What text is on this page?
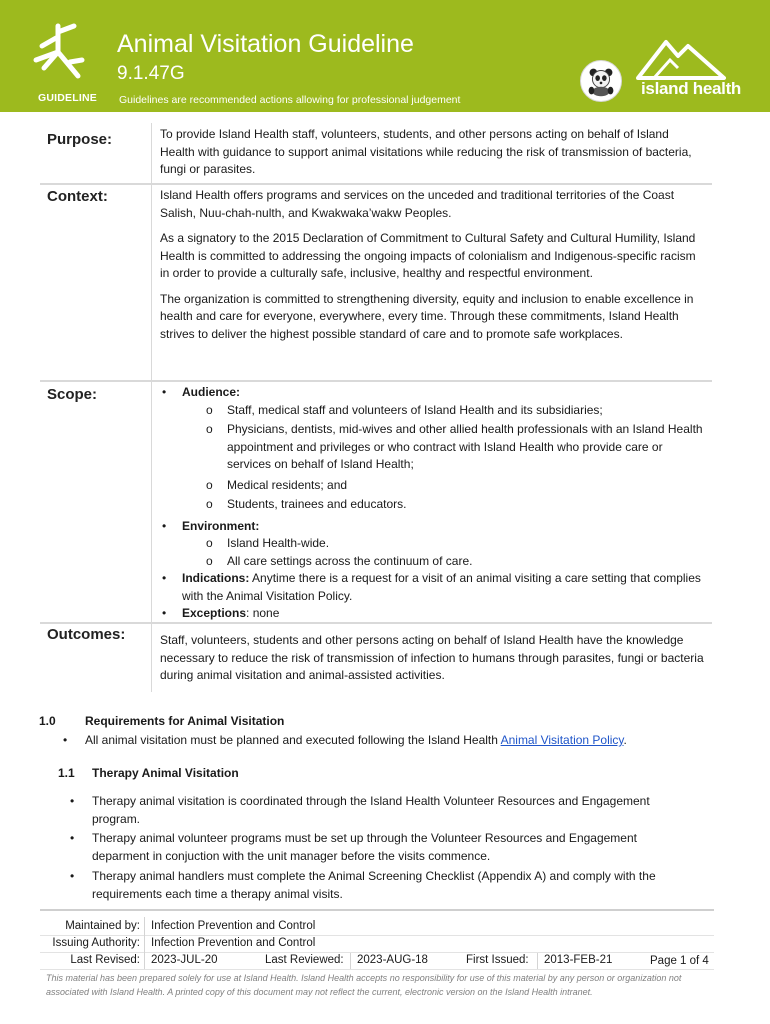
GUIDELINE
Animal Visitation Guideline
9.1.47G
Guidelines are recommended actions allowing for professional judgement
island health
Purpose:	To provide Island Health staff, volunteers, students, and other persons acting on behalf of Island Health with guidance to support animal visitations while reducing the risk of transmission of bacteria, fungi or parasites.

Context:	Island Health offers programs and services on the unceded and traditional territories of the Coast Salish, Nuu-chah-nulth, and Kwakwaka’wakw Peoples.

As a signatory to the 2015 Declaration of Commitment to Cultural Safety and Cultural Humility, Island Health is committed to addressing the ongoing impacts of colonialism and Indigenous-specific racism in order to provide a culturally safe, inclusive, healthy and respectful environment.

The organization is committed to strengthening diversity, equity and inclusion to enable excellence in health and care for everyone, everywhere, every time. Through these commitments, Island Health strives to deliver the highest possible standard of care and to promote safe workplaces.

Scope:	• Audience:
o Staff, medical staff and volunteers of Island Health and its subsidiaries;
o Physicians, dentists, mid-wives and other allied health professionals with an Island Health appointment and privileges or who contract with Island Health who provide care or services on behalf of Island Health;
o Medical residents; and
o Students, trainees and educators.
• Environment:
o Island Health-wide.
o All care settings across the continuum of care.
• Indications: Anytime there is a request for a visit of an animal visiting a care setting that complies with the Animal Visitation Policy.
• Exceptions: none
Outcomes:	Staff, volunteers, students and other persons acting on behalf of Island Health have the knowledge necessary to reduce the risk of transmission of infection to humans through parasites, fungi or bacteria during animal visitation and animal-assisted activities.

1.0 Requirements for Animal Visitation
• All animal visitation must be planned and executed following the Island Health Animal Visitation Policy.
1.1 Therapy Animal Visitation
• Therapy animal visitation is coordinated through the Island Health Volunteer Resources and Engagement program.
• Therapy animal volunteer programs must be set up through the Volunteer Resources and Engagement deparment in conjuction with the unit manager before the visits commence.
• Therapy animal handlers must complete the Animal Screening Checklist (Appendix A) and comply with the requirements each time a therapy animal visits.
Maintained by: Infection Prevention and Control
Issuing Authority: Infection Prevention and Control
Last Revised: 2023-JUL-20	Last Reviewed: 2023-AUG-18	First Issued: 2013-FEB-21	Page 1 of 4
This material has been prepared solely for use at Island Health. Island Health accepts no responsibility for use of this material by any person or organization not associated with Island Health. A printed copy of this document may not reflect the current, electronic version on the Island Health intranet.
